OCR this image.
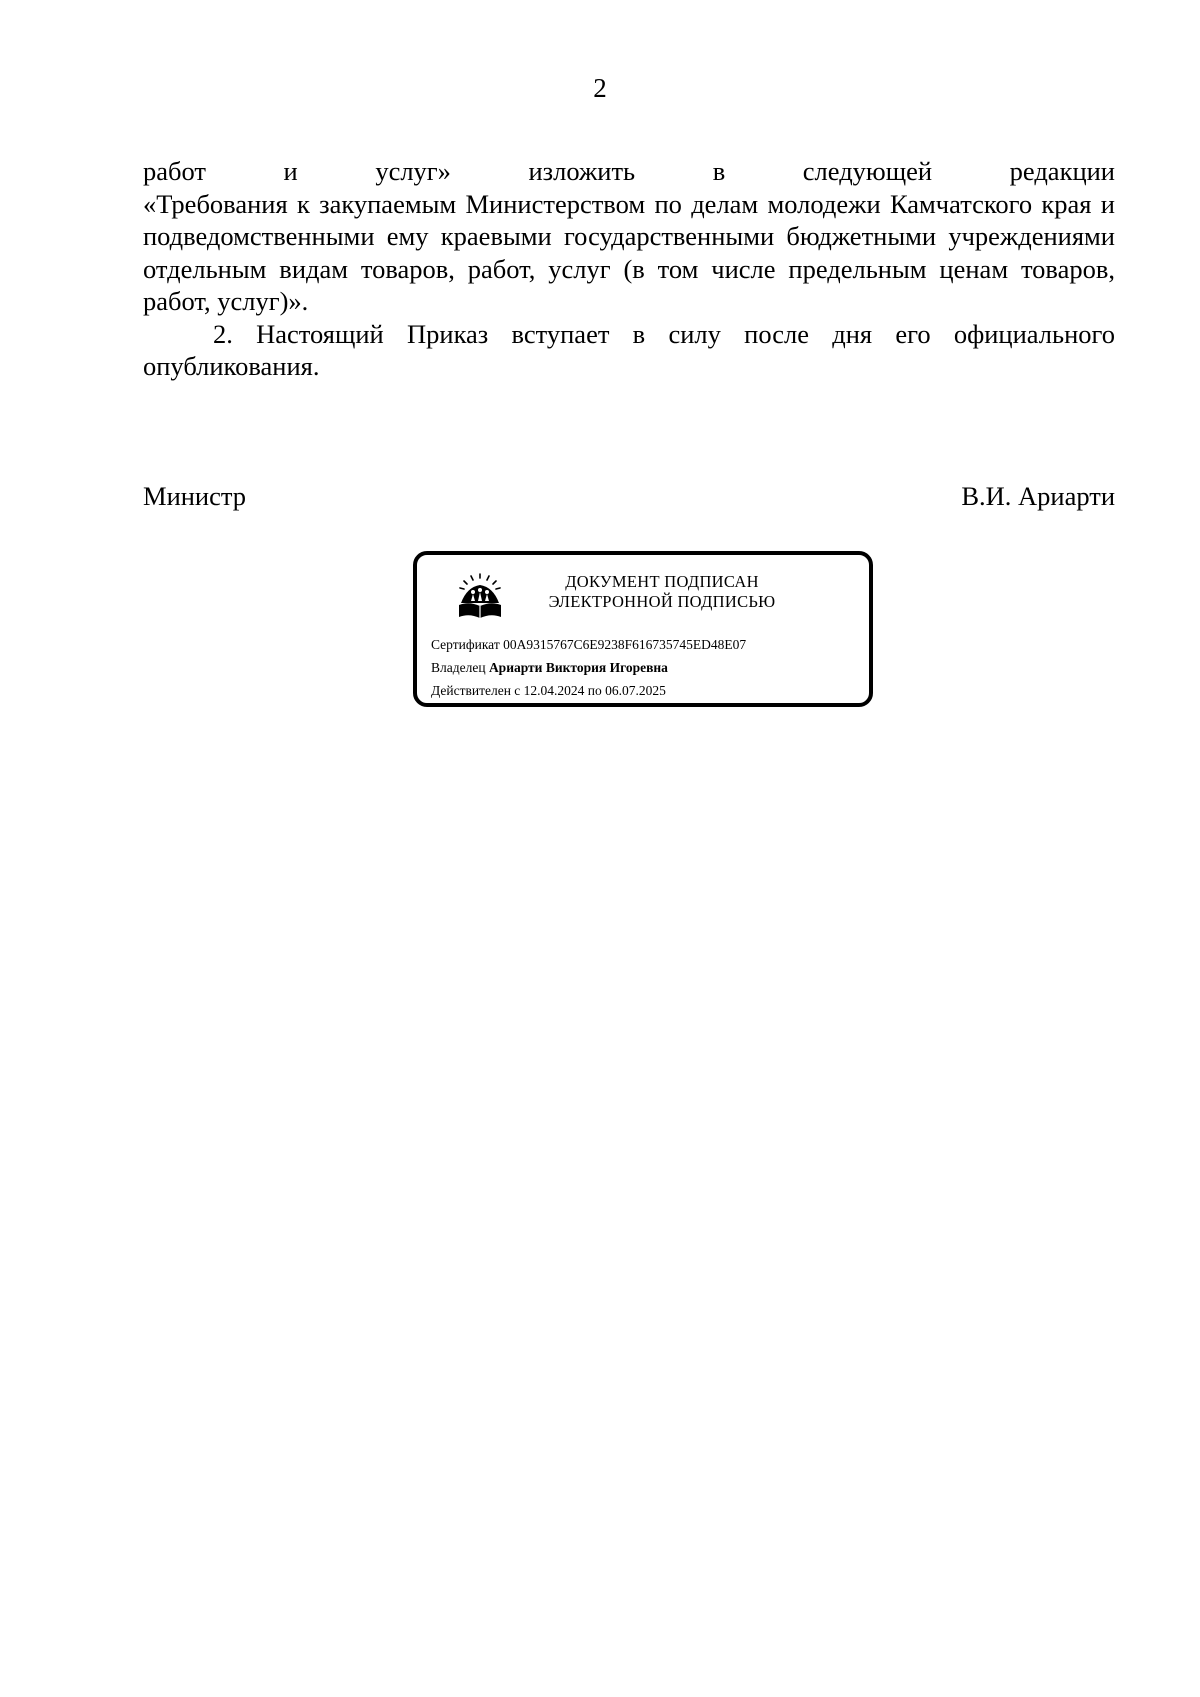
2

работ и услуг» изложить в следующей редакции
«Требования к закупаемым Министерством по делам молодежи Камчатского края и подведомственными ему краевыми государственными бюджетными учреждениями отдельным видам товаров, работ, услуг (в том числе предельным ценам товаров, работ, услуг)».

2. Настоящий Приказ вступает в силу после дня его официального опубликования.

Министр	В.И. Ариарти
ДОКУМЕНТ ПОДПИСАН
ЭЛЕКТРОННОЙ ПОДПИСЬЮ
Сертификат 00A9315767C6E9238F616735745ED48E07
Владелец Ариарти Виктория Игоревна
Действителен с 12.04.2024 по 06.07.2025
